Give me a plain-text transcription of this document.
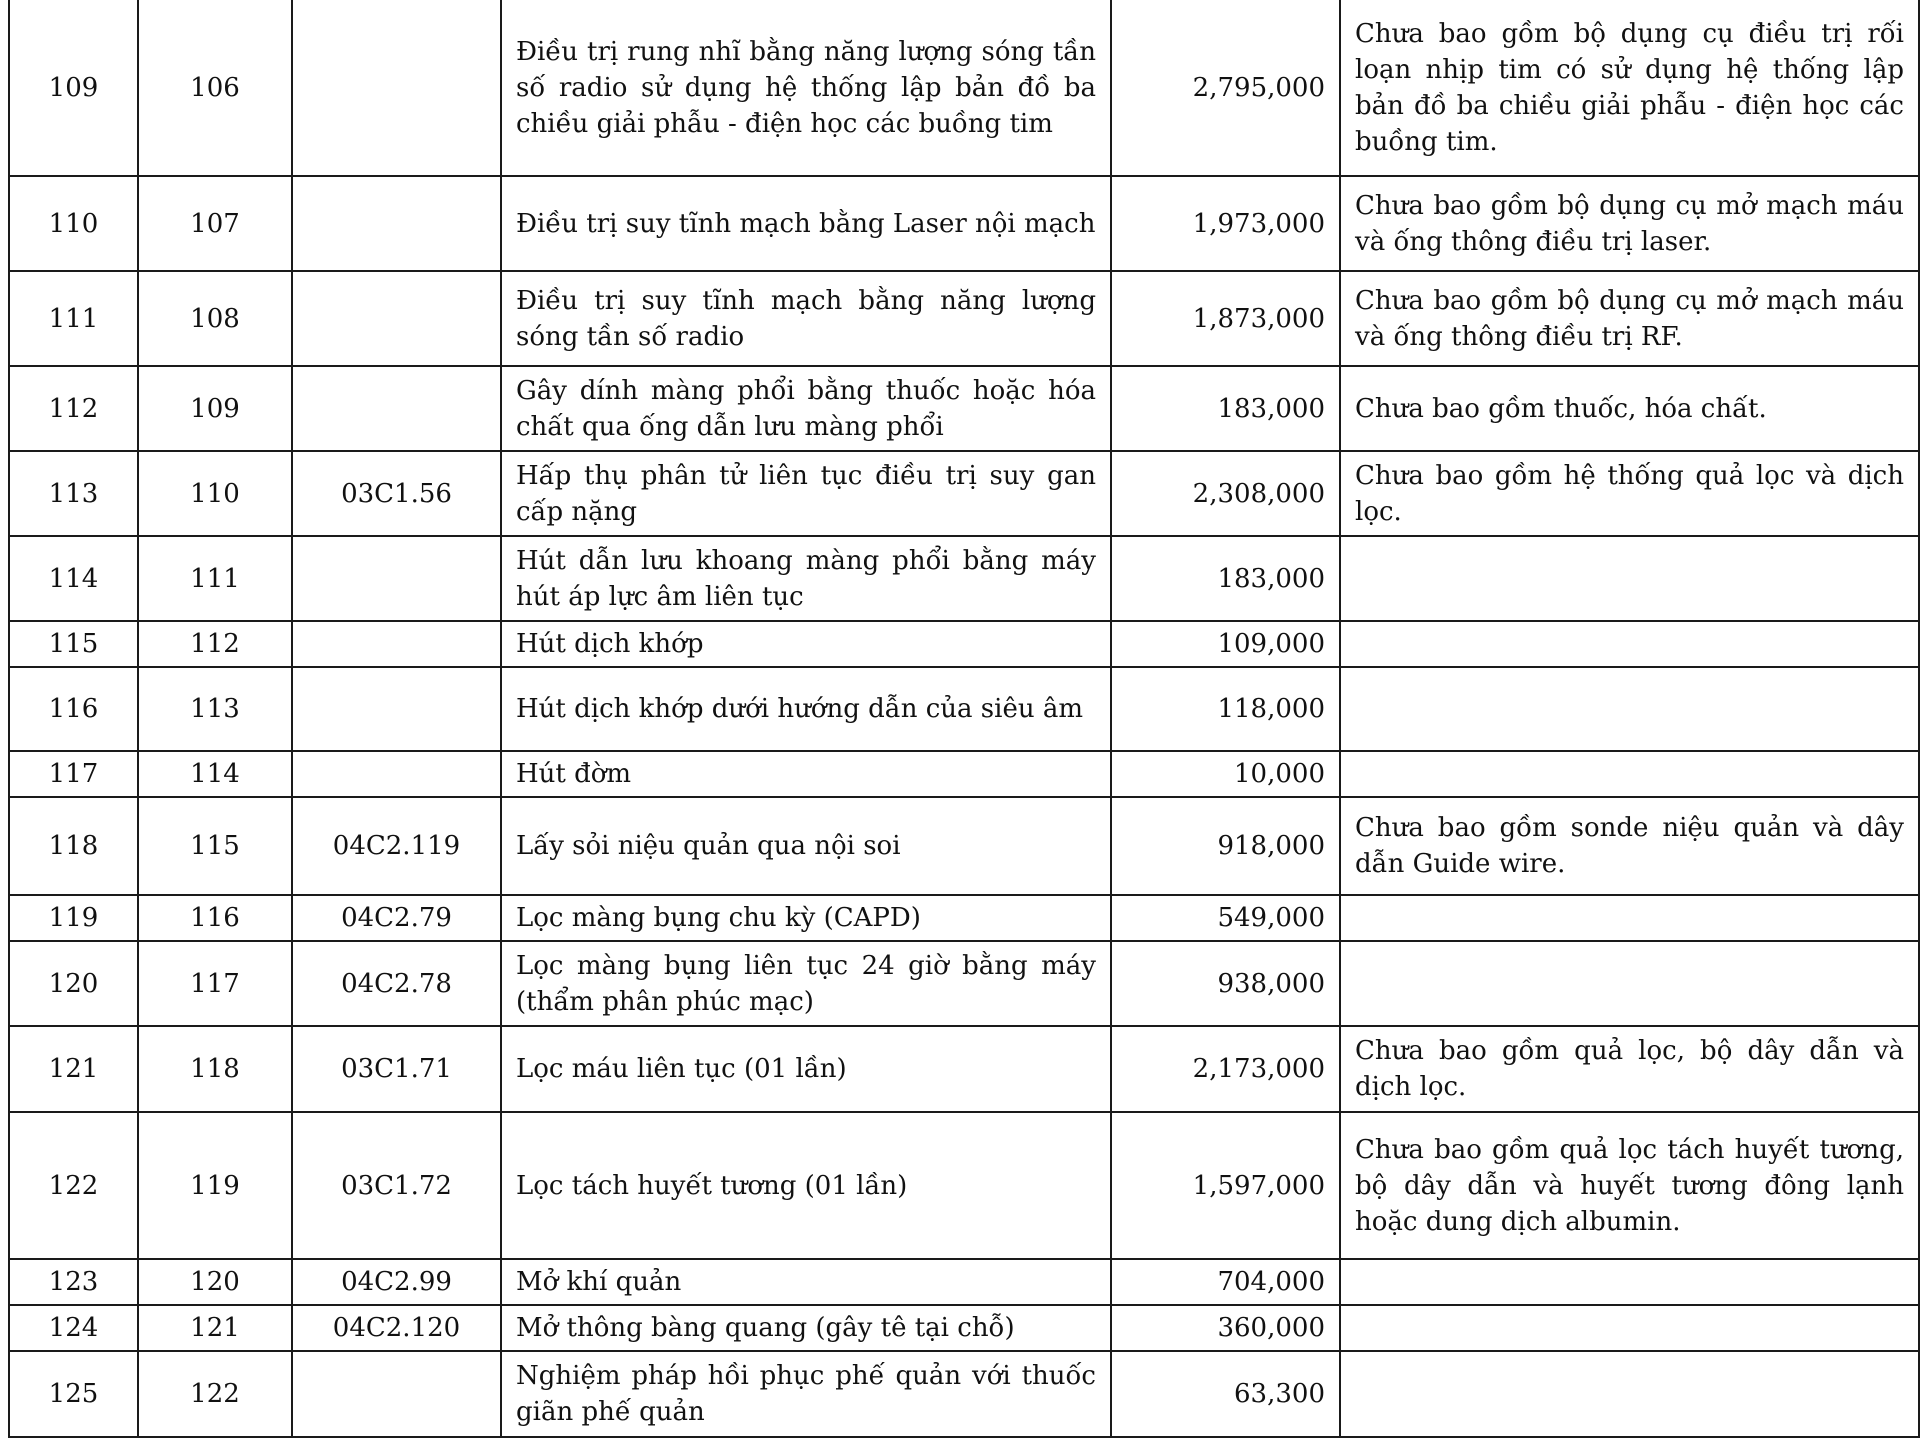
109	106		Điều trị rung nhĩ bằng năng lượng sóng tần số radio sử dụng hệ thống lập bản đồ ba chiều giải phẫu - điện học các buồng tim	2,795,000	Chưa bao gồm bộ dụng cụ điều trị rối loạn nhịp tim có sử dụng hệ thống lập bản đồ ba chiều giải phẫu - điện học các buồng tim.
110	107		Điều trị suy tĩnh mạch bằng Laser nội mạch	1,973,000	Chưa bao gồm bộ dụng cụ mở mạch máu và ống thông điều trị laser.
111	108		Điều trị suy tĩnh mạch bằng năng lượng sóng tần số radio	1,873,000	Chưa bao gồm bộ dụng cụ mở mạch máu và ống thông điều trị RF.
112	109		Gây dính màng phổi bằng thuốc hoặc hóa chất qua ống dẫn lưu màng phổi	183,000	Chưa bao gồm thuốc, hóa chất.
113	110	03C1.56	Hấp thụ phân tử liên tục điều trị suy gan cấp nặng	2,308,000	Chưa bao gồm hệ thống quả lọc và dịch lọc.
114	111		Hút dẫn lưu khoang màng phổi bằng máy hút áp lực âm liên tục	183,000	
115	112		Hút dịch khớp	109,000	
116	113		Hút dịch khớp dưới hướng dẫn của siêu âm	118,000	
117	114		Hút đờm	10,000	
118	115	04C2.119	Lấy sỏi niệu quản qua nội soi	918,000	Chưa bao gồm sonde niệu quản và dây dẫn Guide wire.
119	116	04C2.79	Lọc màng bụng chu kỳ (CAPD)	549,000	
120	117	04C2.78	Lọc màng bụng liên tục 24 giờ bằng máy (thẩm phân phúc mạc)	938,000	
121	118	03C1.71	Lọc máu liên tục (01 lần)	2,173,000	Chưa bao gồm quả lọc, bộ dây dẫn và dịch lọc.
122	119	03C1.72	Lọc tách huyết tương (01 lần)	1,597,000	Chưa bao gồm quả lọc tách huyết tương, bộ dây dẫn và huyết tương đông lạnh hoặc dung dịch albumin.
123	120	04C2.99	Mở khí quản	704,000	
124	121	04C2.120	Mở thông bàng quang (gây tê tại chỗ)	360,000	
125	122		Nghiệm pháp hồi phục phế quản với thuốc giãn phế quản	63,300	
